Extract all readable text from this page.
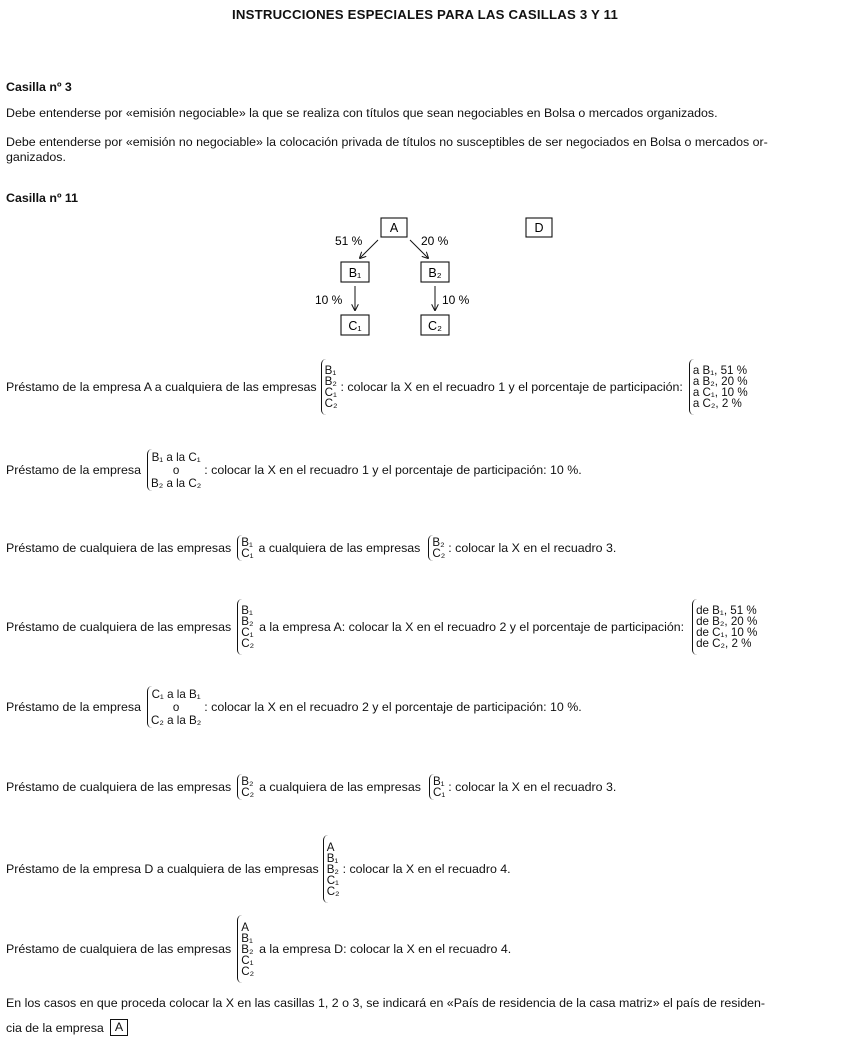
INSTRUCCIONES ESPECIALES PARA LAS CASILLAS 3 Y 11
Casilla nº 3
Debe entenderse por «emisión negociable» la que se realiza con títulos que sean negociables en Bolsa o mercados organizados.
Debe entenderse por «emisión no negociable» la colocación privada de títulos no susceptibles de ser negociados en Bolsa o mercados or-
ganizados.
Casilla nº 11
A	D
51 %	20 %
B₁	B₂
10 %	10 %
C₁	C₂
Préstamo de la empresa A a cualquiera de las empresas
B₁
B₂
C₁
C₂
: colocar la X en el recuadro 1 y el porcentaje de participación:
a B₁, 51 %
a B₂, 20 %
a C₁, 10 %
a C₂, 2 %
Préstamo de la empresa
B₁ a la C₁
o
B₂ a la C₂
: colocar la X en el recuadro 1 y el porcentaje de participación: 10 %.
Préstamo de cualquiera de las empresas B₁
C₁ a cualquiera de las empresas B₂
C₂ : colocar la X en el recuadro 3.
Préstamo de cualquiera de las empresas
B₁
B₂
C₁
C₂
a la empresa A: colocar la X en el recuadro 2 y el porcentaje de participación:
de B₁, 51 %
de B₂, 20 %
de C₁, 10 %
de C₂, 2 %
Préstamo de la empresa
C₁ a la B₁
o
C₂ a la B₂
: colocar la X en el recuadro 2 y el porcentaje de participación: 10 %.
Préstamo de cualquiera de las empresas B₂
C₂ a cualquiera de las empresas B₁
C₁ : colocar la X en el recuadro 3.
Préstamo de la empresa D a cualquiera de las empresas
A
B₁
B₂
C₁
C₂
: colocar la X en el recuadro 4.
Préstamo de cualquiera de las empresas
A
B₁
B₂
C₁
C₂
a la empresa D: colocar la X en el recuadro 4.
En los casos en que proceda colocar la X en las casillas 1, 2 o 3, se indicará en «País de residencia de la casa matriz» el país de residen-
cia de la empresa A
